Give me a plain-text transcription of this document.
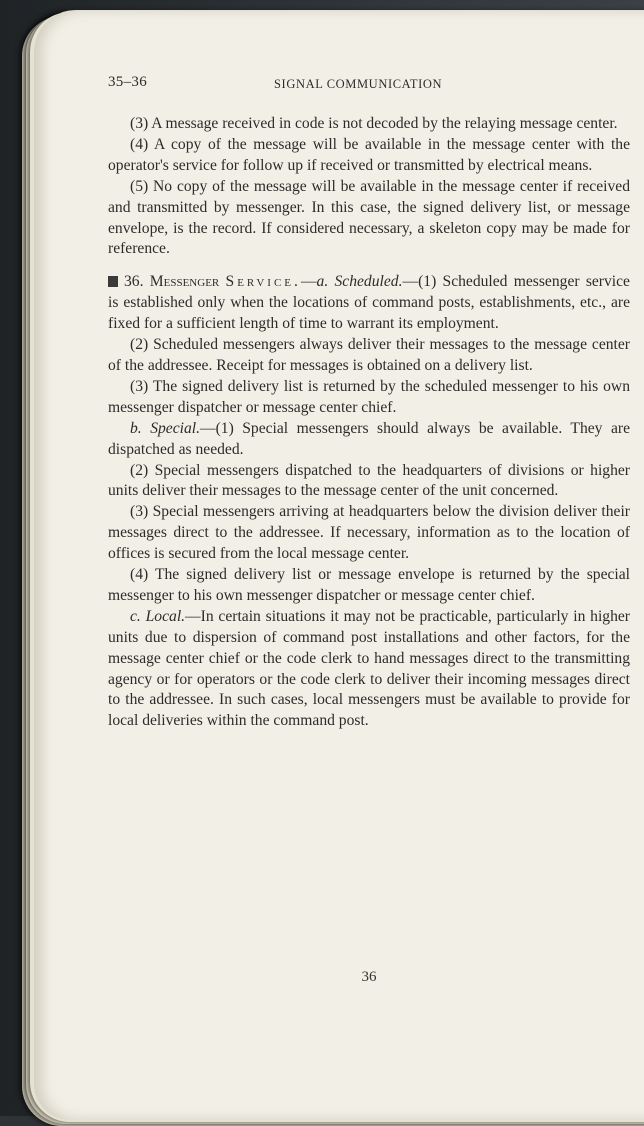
35–36	SIGNAL COMMUNICATION

(3) A message received in code is not decoded by the relaying message center.

(4) A copy of the message will be available in the message center with the operator's service for follow up if received or transmitted by electrical means.

(5) No copy of the message will be available in the message center if received and transmitted by messenger. In this case, the signed delivery list, or message envelope, is the record. If considered necessary, a skeleton copy may be made for reference.

36. Messenger Service.—a. Scheduled.—(1) Scheduled messenger service is established only when the locations of command posts, establishments, etc., are fixed for a sufficient length of time to warrant its employment.

(2) Scheduled messengers always deliver their messages to the message center of the addressee. Receipt for messages is obtained on a delivery list.

(3) The signed delivery list is returned by the scheduled messenger to his own messenger dispatcher or message center chief.

b. Special.—(1) Special messengers should always be available. They are dispatched as needed.

(2) Special messengers dispatched to the headquarters of divisions or higher units deliver their messages to the message center of the unit concerned.

(3) Special messengers arriving at headquarters below the division deliver their messages direct to the addressee. If necessary, information as to the location of offices is secured from the local message center.

(4) The signed delivery list or message envelope is returned by the special messenger to his own messenger dispatcher or message center chief.

c. Local.—In certain situations it may not be practicable, particularly in higher units due to dispersion of command post installations and other factors, for the message center chief or the code clerk to hand messages direct to the transmitting agency or for operators or the code clerk to deliver their incoming messages direct to the addressee. In such cases, local messengers must be available to provide for local deliveries within the command post.

36
